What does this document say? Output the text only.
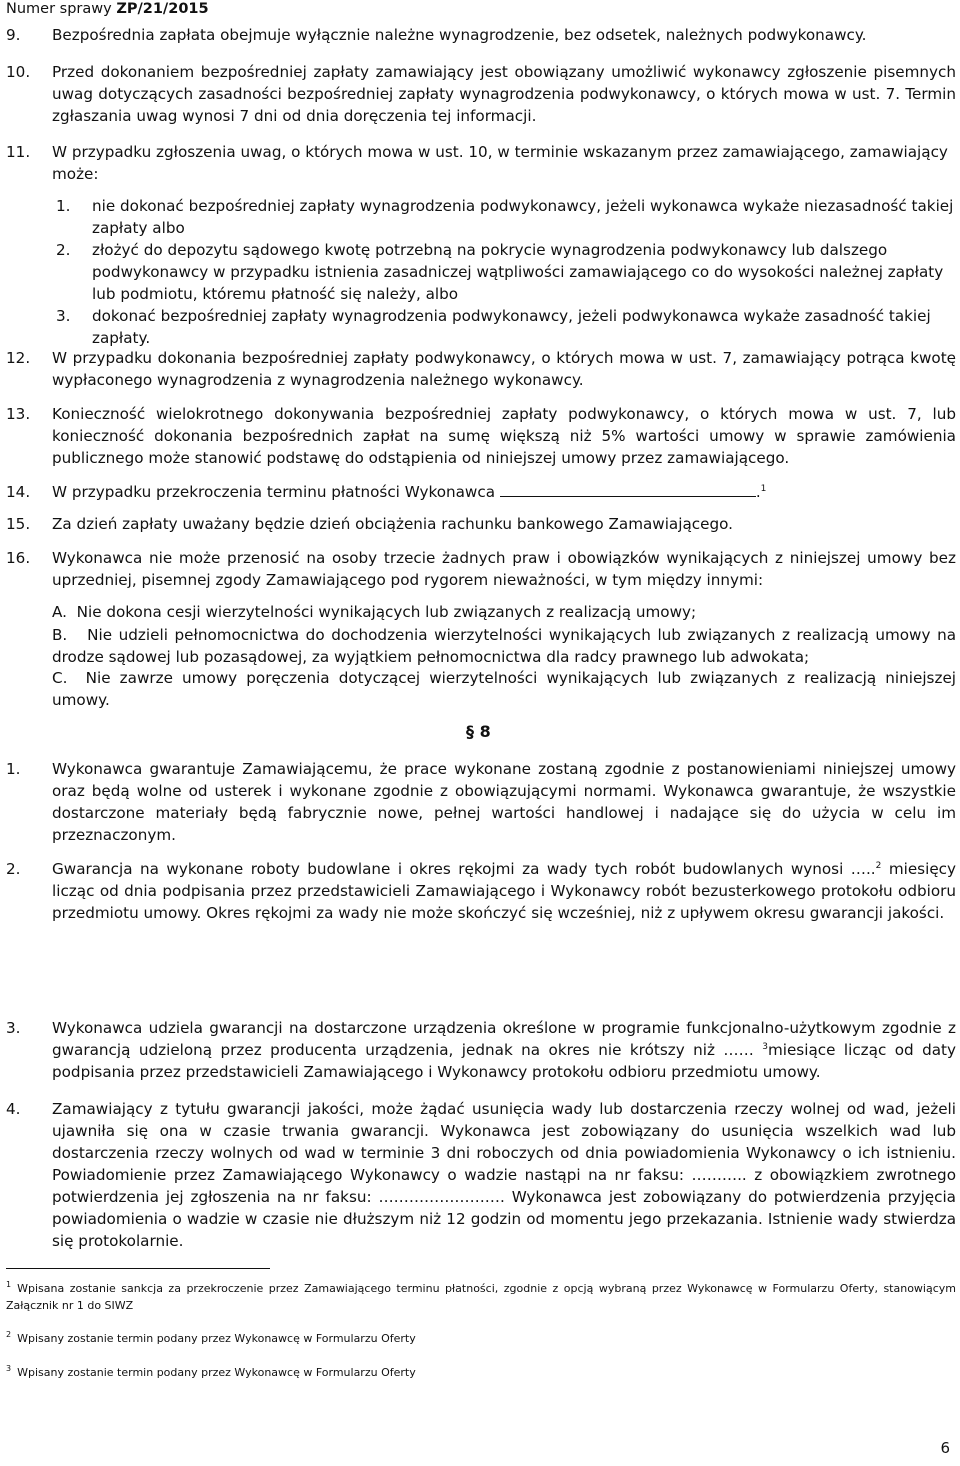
Numer sprawy ZP/21/2015
9. Bezpośrednia zapłata obejmuje wyłącznie należne wynagrodzenie, bez odsetek, należnych podwykonawcy.
10. Przed dokonaniem bezpośredniej zapłaty zamawiający jest obowiązany umożliwić wykonawcy zgłoszenie pisemnych uwag dotyczących zasadności bezpośredniej zapłaty wynagrodzenia podwykonawcy, o których mowa w ust. 7. Termin zgłaszania uwag wynosi 7 dni od dnia doręczenia tej informacji.
11. W przypadku zgłoszenia uwag, o których mowa w ust. 10, w terminie wskazanym przez zamawiającego, zamawiający może:
1. nie dokonać bezpośredniej zapłaty wynagrodzenia podwykonawcy, jeżeli wykonawca wykaże niezasadność takiej zapłaty albo
2. złożyć do depozytu sądowego kwotę potrzebną na pokrycie wynagrodzenia podwykonawcy lub dalszego podwykonawcy w przypadku istnienia zasadniczej wątpliwości zamawiającego co do wysokości należnej zapłaty lub podmiotu, któremu płatność się należy, albo
3. dokonać bezpośredniej zapłaty wynagrodzenia podwykonawcy, jeżeli podwykonawca wykaże zasadność takiej zapłaty.
12. W przypadku dokonania bezpośredniej zapłaty podwykonawcy, o których mowa w ust. 7, zamawiający potrąca kwotę wypłaconego wynagrodzenia z wynagrodzenia należnego wykonawcy.
13. Konieczność wielokrotnego dokonywania bezpośredniej zapłaty podwykonawcy, o których mowa w ust. 7, lub konieczność dokonania bezpośrednich zapłat na sumę większą niż 5% wartości umowy w sprawie zamówienia publicznego może stanowić podstawę do odstąpienia od niniejszej umowy przez zamawiającego.
14. W przypadku przekroczenia terminu płatności Wykonawca	.$^1$
15. Za dzień zapłaty uważany będzie dzień obciążenia rachunku bankowego Zamawiającego.
16. Wykonawca nie może przenosić na osoby trzecie żadnych praw i obowiązków wynikających z niniejszej umowy bez uprzedniej, pisemnej zgody Zamawiającego pod rygorem nieważności, w tym między innymi:
A. Nie dokona cesji wierzytelności wynikających lub związanych z realizacją umowy;
B. Nie udzieli pełnomocnictwa do dochodzenia wierzytelności wynikających lub związanych z realizacją umowy na drodze sądowej lub pozasądowej, za wyjątkiem pełnomocnictwa dla radcy prawnego lub adwokata;
C. Nie zawrze umowy poręczenia dotyczącej wierzytelności wynikających lub związanych z realizacją niniejszej umowy.
§ 8
1. Wykonawca gwarantuje Zamawiającemu, że prace wykonane zostaną zgodnie z postanowieniami niniejszej umowy oraz będą wolne od usterek i wykonane zgodnie z obowiązującymi normami. Wykonawca gwarantuje, że wszystkie dostarczone materiały będą fabrycznie nowe, pełnej wartości handlowej i nadające się do użycia w celu im przeznaczonym.
2. Gwarancja na wykonane roboty budowlane i okres rękojmi za wady tych robót budowlanych wynosi …..$^2$ miesięcy licząc od dnia podpisania przez przedstawicieli Zamawiającego i Wykonawcy robót bezusterkowego protokołu odbioru przedmiotu umowy. Okres rękojmi za wady nie może skończyć się wcześniej, niż z upływem okresu gwarancji jakości.
3. Wykonawca udziela gwarancji na dostarczone urządzenia określone w programie funkcjonalno-użytkowym zgodnie z gwarancją udzieloną przez producenta urządzenia, jednak na okres nie krótszy niż …… $^3$miesiące licząc od daty podpisania przez przedstawicieli Zamawiającego i Wykonawcy protokołu odbioru przedmiotu umowy.
4. Zamawiający z tytułu gwarancji jakości, może żądać usunięcia wady lub dostarczenia rzeczy wolnej od wad, jeżeli ujawniła się ona w czasie trwania gwarancji. Wykonawca jest zobowiązany do usunięcia wszelkich wad lub dostarczenia rzeczy wolnych od wad w terminie 3 dni roboczych od dnia powiadomienia Wykonawcy o ich istnieniu. Powiadomienie przez Zamawiającego Wykonawcy o wadzie nastąpi na nr faksu: ……….. z obowiązkiem zwrotnego potwierdzenia jej zgłoszenia na nr faksu: ……………………. Wykonawca jest zobowiązany do potwierdzenia przyjęcia powiadomienia o wadzie w czasie nie dłuższym niż 12 godzin od momentu jego przekazania. Istnienie wady stwierdza się protokolarnie.
$^1$ Wpisana zostanie sankcja za przekroczenie przez Zamawiającego terminu płatności, zgodnie z opcją wybraną przez Wykonawcę w Formularzu Oferty, stanowiącym Załącznik nr 1 do SIWZ
$^2$ Wpisany zostanie termin podany przez Wykonawcę w Formularzu Oferty
$^3$ Wpisany zostanie termin podany przez Wykonawcę w Formularzu Oferty
6
